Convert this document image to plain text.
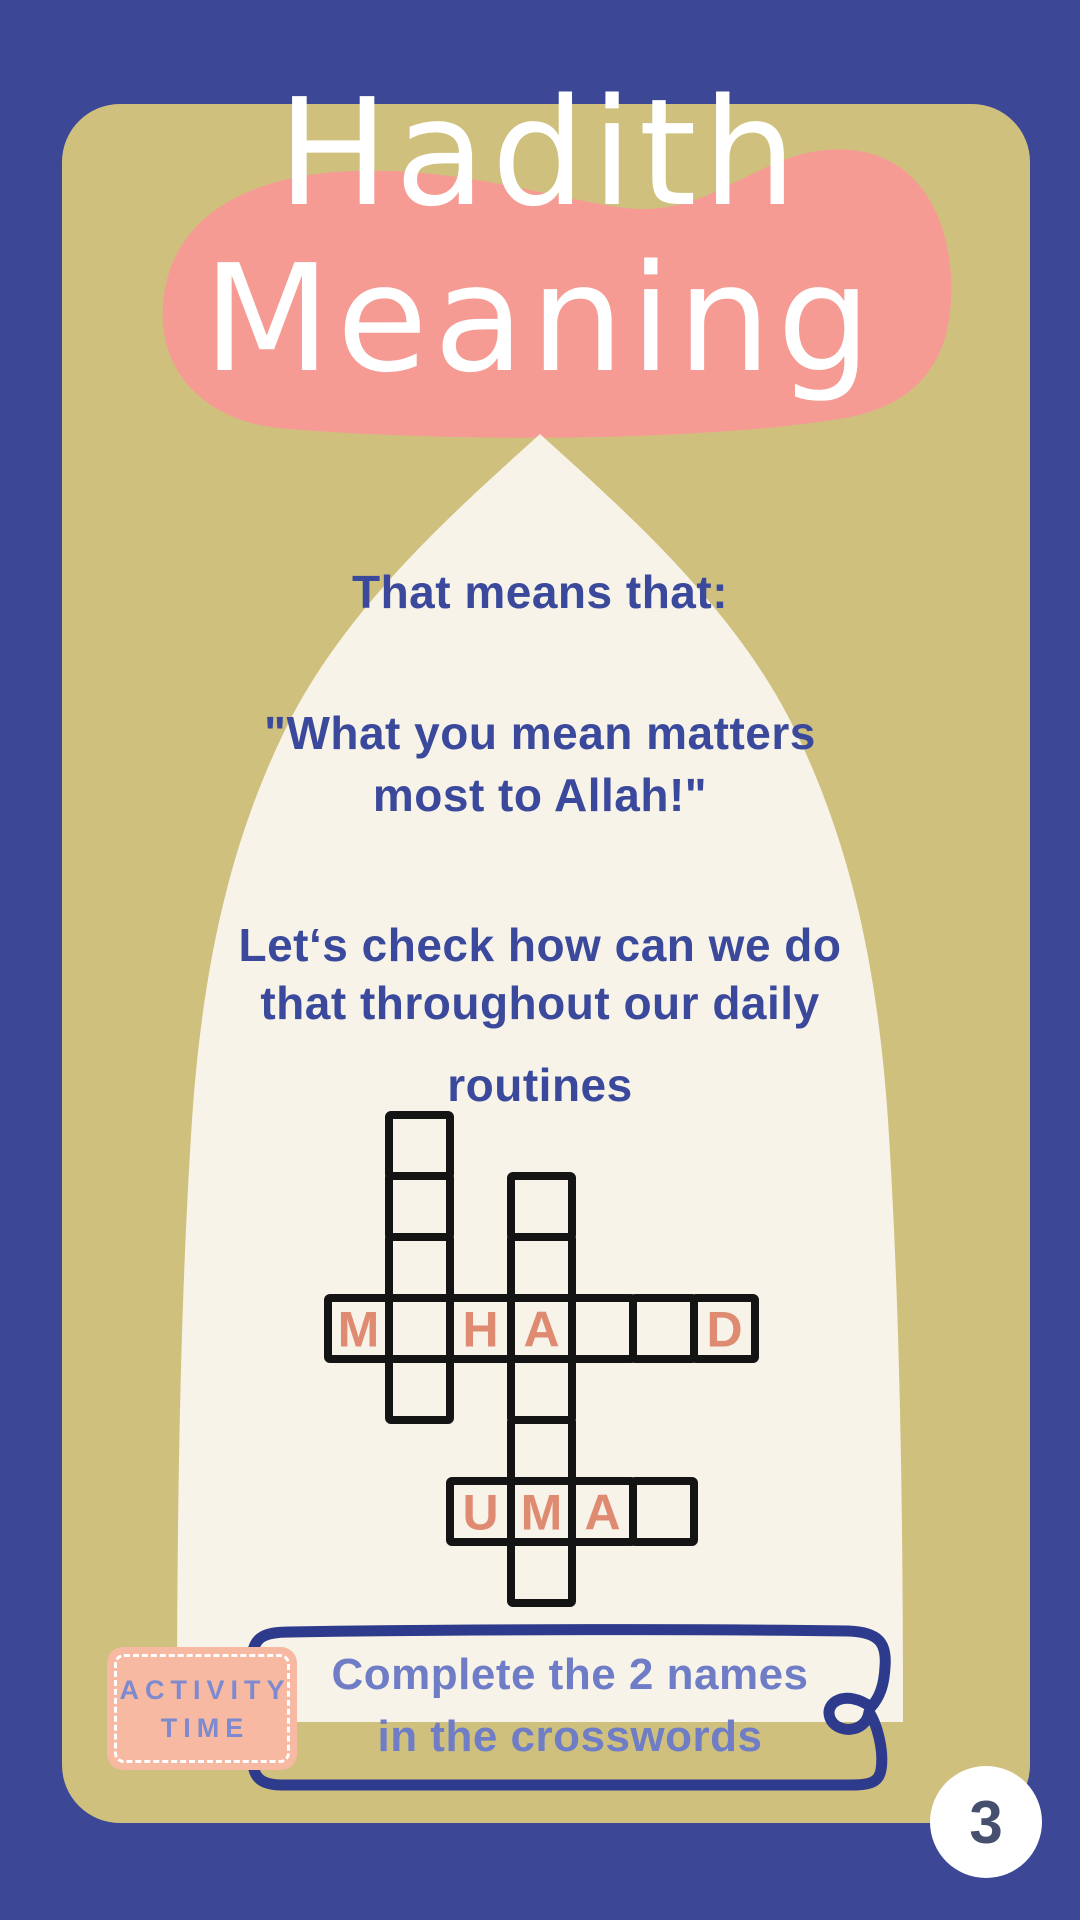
Hadith
Meaning
That means that:
"What you mean matters
most to Allah!"
Let‘s check how can we do
that throughout our daily
routines
A
M
M H	D
U A
Complete the 2 names
in the crosswords
ACTIVITY
TIME
3
